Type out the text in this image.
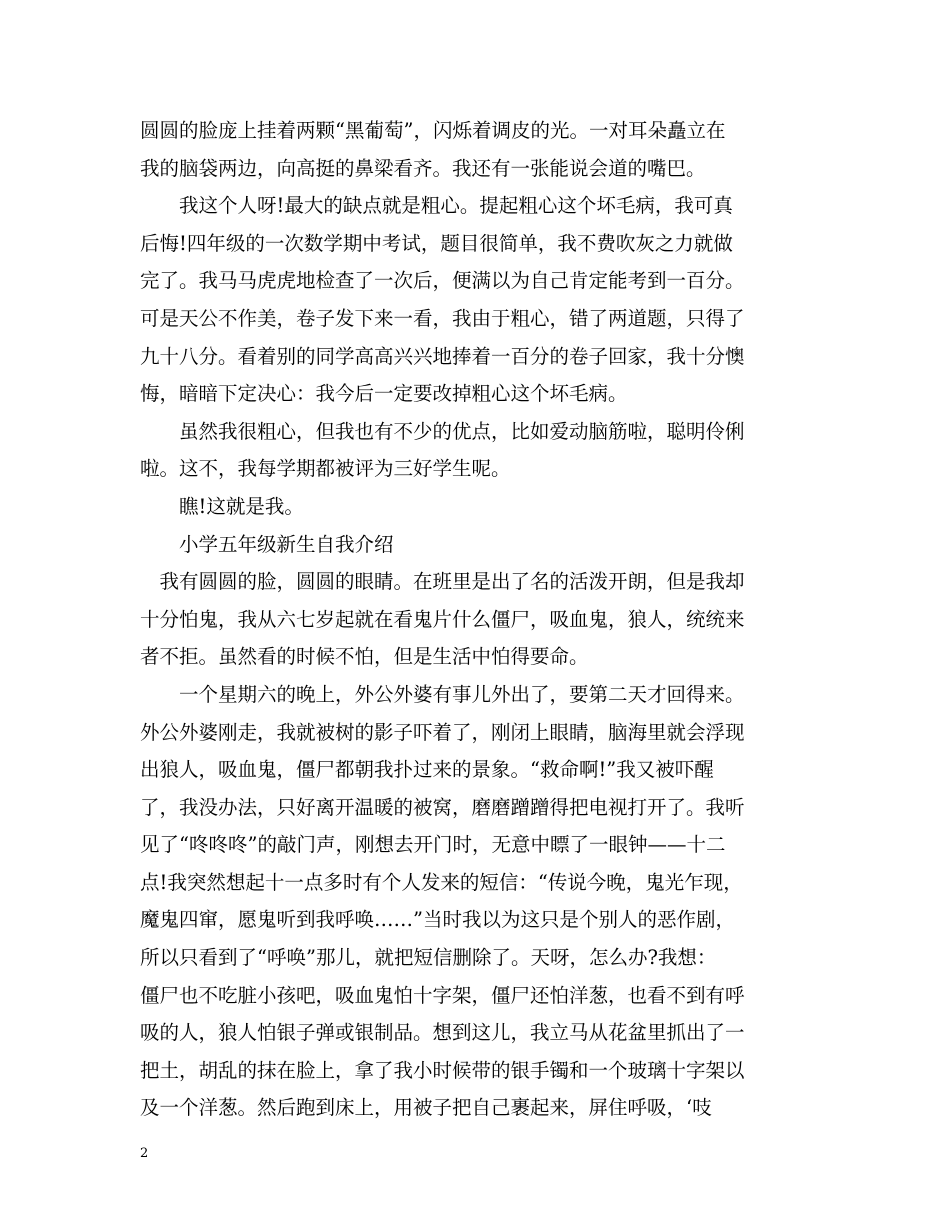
圆圆的脸庞上挂着两颗“黑葡萄”，闪烁着调皮的光。一对耳朵矗立在
我的脑袋两边，向高挺的鼻梁看齐。我还有一张能说会道的嘴巴。
　　我这个人呀!最大的缺点就是粗心。提起粗心这个坏毛病，我可真
后悔!四年级的一次数学期中考试，题目很简单，我不费吹灰之力就做
完了。我马马虎虎地检查了一次后，便满以为自己肯定能考到一百分。
可是天公不作美，卷子发下来一看，我由于粗心，错了两道题，只得了
九十八分。看着别的同学高高兴兴地捧着一百分的卷子回家，我十分懊
悔，暗暗下定决心：我今后一定要改掉粗心这个坏毛病。
　　虽然我很粗心，但我也有不少的优点，比如爱动脑筋啦，聪明伶俐
啦。这不，我每学期都被评为三好学生呢。
　　瞧!这就是我。
　　小学五年级新生自我介绍
　我有圆圆的脸，圆圆的眼睛。在班里是出了名的活泼开朗，但是我却
十分怕鬼，我从六七岁起就在看鬼片什么僵尸，吸血鬼，狼人，统统来
者不拒。虽然看的时候不怕，但是生活中怕得要命。
　　一个星期六的晚上，外公外婆有事儿外出了，要第二天才回得来。
外公外婆刚走，我就被树的影子吓着了，刚闭上眼睛，脑海里就会浮现
出狼人，吸血鬼，僵尸都朝我扑过来的景象。“救命啊!”我又被吓醒
了，我没办法，只好离开温暖的被窝，磨磨蹭蹭得把电视打开了。我听
见了“咚咚咚”的敲门声，刚想去开门时，无意中瞟了一眼钟——十二
点!我突然想起十一点多时有个人发来的短信：“传说今晚，鬼光乍现，
魔鬼四窜，愿鬼听到我呼唤……”当时我以为这只是个别人的恶作剧，
所以只看到了“呼唤”那儿，就把短信删除了。天呀，怎么办?我想：
僵尸也不吃脏小孩吧，吸血鬼怕十字架，僵尸还怕洋葱，也看不到有呼
吸的人，狼人怕银子弹或银制品。想到这儿，我立马从花盆里抓出了一
把土，胡乱的抹在脸上，拿了我小时候带的银手镯和一个玻璃十字架以
及一个洋葱。然后跑到床上，用被子把自己裹起来，屏住呼吸，‘吱
2
